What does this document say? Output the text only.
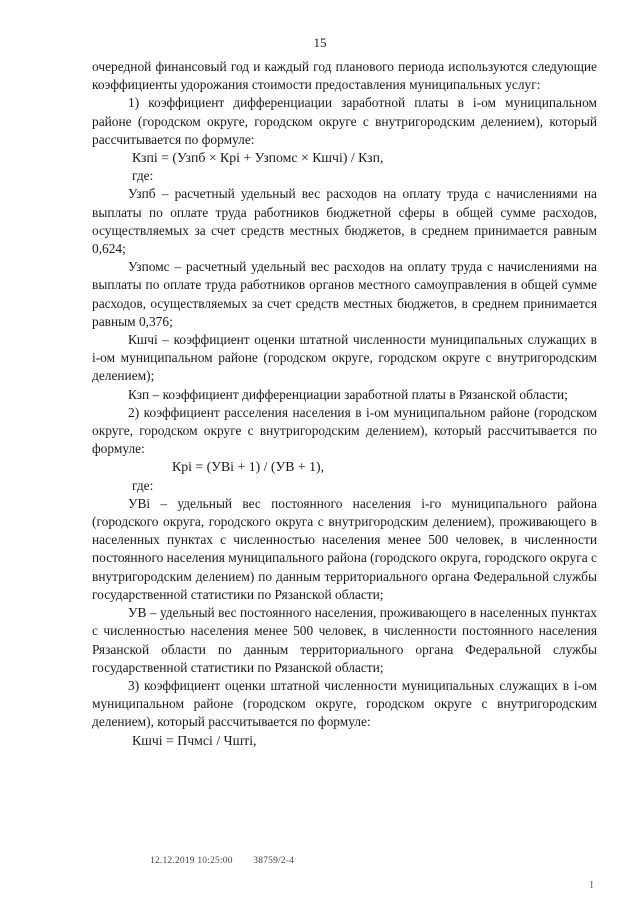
15

очередной финансовый год и каждый год планового периода используются следующие коэффициенты удорожания стоимости предоставления муниципальных услуг:

1) коэффициент дифференциации заработной платы в i-ом муниципальном районе (городском округе, городском округе с внутригородским делением), который рассчитывается по формуле:

Кзпi = (Узпб × Крi + Узпомс × Кшчi) / Кзп,

где:

Узпб – расчетный удельный вес расходов на оплату труда с начислениями на выплаты по оплате труда работников бюджетной сферы в общей сумме расходов, осуществляемых за счет средств местных бюджетов, в среднем принимается равным 0,624;

Узпомс – расчетный удельный вес расходов на оплату труда с начислениями на выплаты по оплате труда работников органов местного самоуправления в общей сумме расходов, осуществляемых за счет средств местных бюджетов, в среднем принимается равным 0,376;

Кшчi – коэффициент оценки штатной численности муниципальных служащих в i-ом муниципальном районе (городском округе, городском округе с внутригородским делением);

Кзп – коэффициент дифференциации заработной платы в Рязанской области;

2) коэффициент расселения населения в i-ом муниципальном районе (городском округе, городском округе с внутригородским делением), который рассчитывается по формуле:

Крi = (УВi + 1) / (УВ + 1),

где:

УВi – удельный вес постоянного населения i-го муниципального района (городского округа, городского округа с внутригородским делением), проживающего в населенных пунктах с численностью населения менее 500 человек, в численности постоянного населения муниципального района (городского округа, городского округа с внутригородским делением) по данным территориального органа Федеральной службы государственной статистики по Рязанской области;

УВ – удельный вес постоянного населения, проживающего в населенных пунктах с численностью населения менее 500 человек, в численности постоянного населения Рязанской области по данным территориального органа Федеральной службы государственной статистики по Рязанской области;

3) коэффициент оценки штатной численности муниципальных служащих в i-ом муниципальном районе (городском округе, городском округе с внутригородским делением), который рассчитывается по формуле:

Кшчi = Пчмсi / Чштi,

12.12.2019 10:25:00 38759/2-4
I
